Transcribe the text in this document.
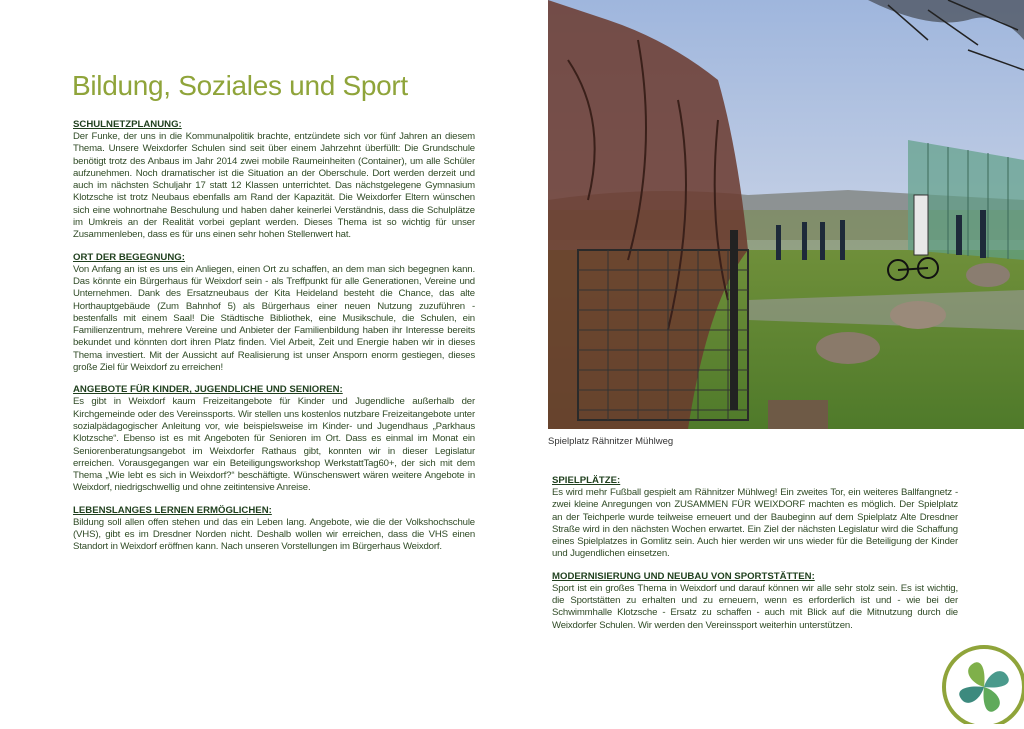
Bildung, Soziales und Sport
SCHULNETZPLANUNG:
Der Funke, der uns in die Kommunalpolitik brachte, entzündete sich vor fünf Jahren an diesem Thema. Unsere Weixdorfer Schulen sind seit über einem Jahrzehnt überfüllt: Die Grundschule benötigt trotz des Anbaus im Jahr 2014 zwei mobile Raumeinheiten (Container), um alle Schüler aufzunehmen. Noch dramatischer ist die Situation an der Oberschule. Dort werden derzeit und auch im nächsten Schuljahr 17 statt 12 Klassen unterrichtet. Das nächstgelegene Gymnasium Klotzsche ist trotz Neubaus ebenfalls am Rand der Kapazität. Die Weixdorfer Eltern wünschen sich eine wohnortnahe Beschulung und haben daher keinerlei Verständnis, dass die Schulplätze im Umkreis an der Realität vorbei geplant werden. Dieses Thema ist so wichtig für unser Zusammenleben, dass es für uns einen sehr hohen Stellenwert hat.
ORT DER BEGEGNUNG:
Von Anfang an ist es uns ein Anliegen, einen Ort zu schaffen, an dem man sich begegnen kann. Das könnte ein Bürgerhaus für Weixdorf sein - als Treffpunkt für alle Generationen, Vereine und Unternehmen. Dank des Ersatzneubaus der Kita Heideland besteht die Chance, das alte Horthauptgebäude (Zum Bahnhof 5) als Bürgerhaus einer neuen Nutzung zuzuführen - bestenfalls mit einem Saal! Die Städtische Bibliothek, eine Musikschule, die Schulen, ein Familienzentrum, mehrere Vereine und Anbieter der Familienbildung haben ihr Interesse bereits bekundet und könnten dort ihren Platz finden. Viel Arbeit, Zeit und Energie haben wir in dieses Thema investiert. Mit der Aussicht auf Realisierung ist unser Ansporn enorm gestiegen, dieses große Ziel für Weixdorf zu erreichen!
ANGEBOTE FÜR KINDER, JUGENDLICHE UND SENIOREN:
Es gibt in Weixdorf kaum Freizeitangebote für Kinder und Jugendliche außerhalb der Kirchgemeinde oder des Vereinssports. Wir stellen uns kostenlos nutzbare Freizeitangebote unter sozialpädagogischer Anleitung vor, wie beispielsweise im Kinder- und Jugendhaus „Parkhaus Klotzsche“. Ebenso ist es mit Angeboten für Senioren im Ort. Dass es einmal im Monat ein Seniorenberatungsangebot im Weixdorfer Rathaus gibt, konnten wir in dieser Legislatur erreichen. Vorausgegangen war ein Beteiligungsworkshop WerkstattTag60+, der sich mit dem Thema „Wie lebt es sich in Weixdorf?“ beschäftigte. Wünschenswert wären weitere Angebote in Weixdorf, niedrigschwellig und ohne zeitintensive Anreise.
LEBENSLANGES LERNEN ERMÖGLICHEN:
Bildung soll allen offen stehen und das ein Leben lang. Angebote, wie die der Volkshochschule (VHS), gibt es im Dresdner Norden nicht. Deshalb wollen wir erreichen, dass die VHS einen Standort in Weixdorf eröffnen kann. Nach unseren Vorstellungen im Bürgerhaus Weixdorf.
Spielplatz Rähnitzer Mühlweg
SPIELPLÄTZE:
Es wird mehr Fußball gespielt am Rähnitzer Mühlweg! Ein zweites Tor, ein weiteres Ballfangnetz - zwei kleine Anregungen von ZUSAMMEN FÜR WEIXDORF machten es möglich. Der Spielplatz an der Teichperle wurde teilweise erneuert und der Baubeginn auf dem Spielplatz Alte Dresdner Straße wird in den nächsten Wochen erwartet. Ein Ziel der nächsten Legislatur wird die Schaffung eines Spielplatzes in Gomlitz sein. Auch hier werden wir uns wieder für die Beteiligung der Kinder und Jugendlichen einsetzen.
MODERNISIERUNG UND NEUBAU VON SPORTSTÄTTEN:
Sport ist ein großes Thema in Weixdorf und darauf können wir alle sehr stolz sein. Es ist wichtig, die Sportstätten zu erhalten und zu erneuern, wenn es erforderlich ist und - wie bei der Schwimmhalle Klotzsche - Ersatz zu schaffen - auch mit Blick auf die Mitnutzung durch die Weixdorfer Schulen. Wir werden den Vereinssport weiterhin unterstützen.
